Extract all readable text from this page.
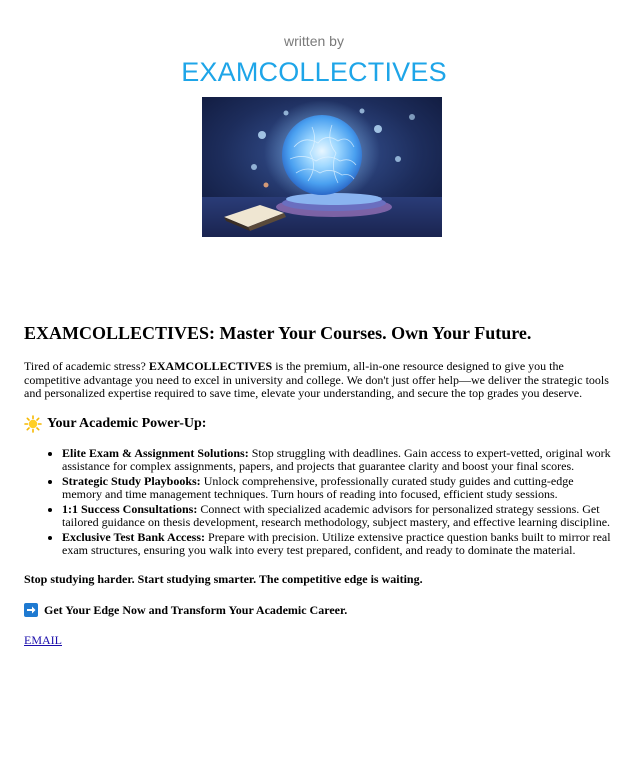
written by
EXAMCOLLECTIVES
EXAMCOLLECTIVES: Master Your Courses. Own Your Future.

Tired of academic stress? EXAMCOLLECTIVES is the premium, all-in-one resource designed to give you the competitive advantage you need to excel in university and college. We don't just offer help—we deliver the strategic tools and personalized expertise required to save time, elevate your understanding, and secure the top grades you deserve.

Your Academic Power-Up:
• Elite Exam & Assignment Solutions: Stop struggling with deadlines. Gain access to expert-vetted, original work assistance for complex assignments, papers, and projects that guarantee clarity and boost your final scores.
• Strategic Study Playbooks: Unlock comprehensive, professionally curated study guides and cutting-edge memory and time management techniques. Turn hours of reading into focused, efficient study sessions.
• 1:1 Success Consultations: Connect with specialized academic advisors for personalized strategy sessions. Get tailored guidance on thesis development, research methodology, subject mastery, and effective learning discipline.
• Exclusive Test Bank Access: Prepare with precision. Utilize extensive practice question banks built to mirror real exam structures, ensuring you walk into every test prepared, confident, and ready to dominate the material.

Stop studying harder. Start studying smarter. The competitive edge is waiting.

Get Your Edge Now and Transform Your Academic Career.

EMAIL
